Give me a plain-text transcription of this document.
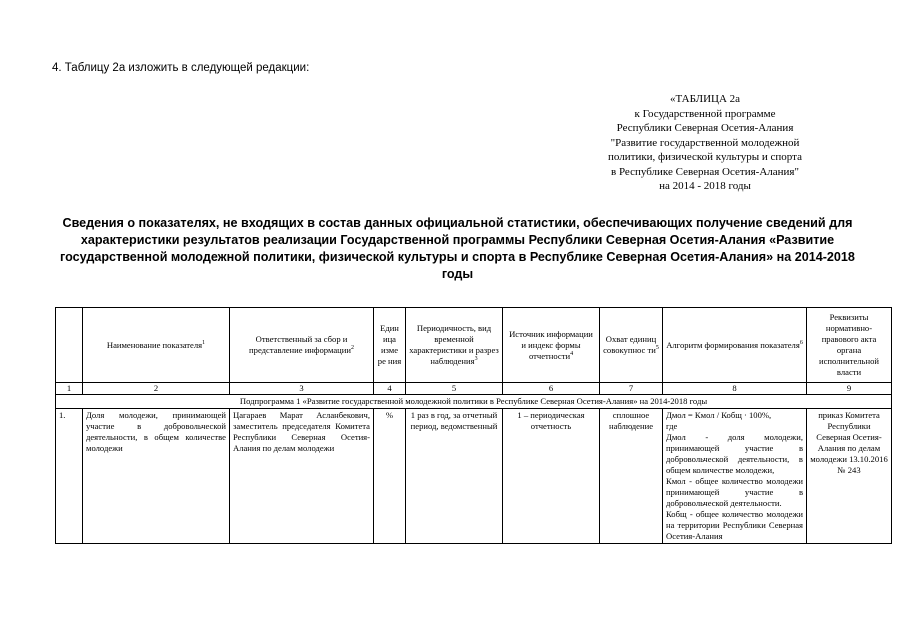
4. Таблицу 2а изложить в следующей редакции:
«ТАБЛИЦА 2а
к Государственной программе
Республики Северная Осетия-Алания
"Развитие государственной молодежной
политики, физической культуры и спорта
в Республике Северная Осетия-Алания"
на 2014 - 2018 годы
Сведения о показателях, не входящих в состав данных официальной статистики, обеспечивающих получение сведений для характеристики результатов реализации Государственной программы Республики Северная Осетия-Алания «Развитие государственной молодежной политики, физической культуры и спорта в Республике Северная Осетия-Алания» на 2014-2018 годы
	Наименование показателя$^1$	Ответственный за сбор и представление информации$^2$	Един ица изме ре ния	Периодичность, вид временной характеристики и разрез наблюдения$^3$	Источник информации и индекс формы отчетности$^4$	Охват единиц совокупнос $ти^5$	Алгоритм формирования показателя$^6$	Реквизиты нормативно-правового акта органа исполнительной власти
1	2	3	4	5	6	7	8	9
Подпрограмма 1 «Развитие государственной молодежной политики в Республике Северная Осетия-Алания» на 2014-2018 годы								
1.	Доля молодежи, принимающей участие в добровольческой деятельности, в общем количестве молодежи	Цагараев Марат Асланбекович, заместитель председателя Комитета Республики Северная Осетия-Алания по делам молодежи	%	1 раз в год, за отчетный период, ведомственный	1 – периодическая отчетность	сплошное наблюдение	Дмол = Кмол / Кобщ · 100%,
где
Дмол - доля молодежи, принимающей участие в добровольческой деятельности, в общем количестве молодежи,
Кмол - общее количество молодежи принимающей участие в добровольческой деятельности.
Кобщ - общее количество молодежи на территории Республики Северная Осетия-Алания	приказ Комитета Республики Северная Осетия-Алания по делам молодежи 13.10.2016 № 243
